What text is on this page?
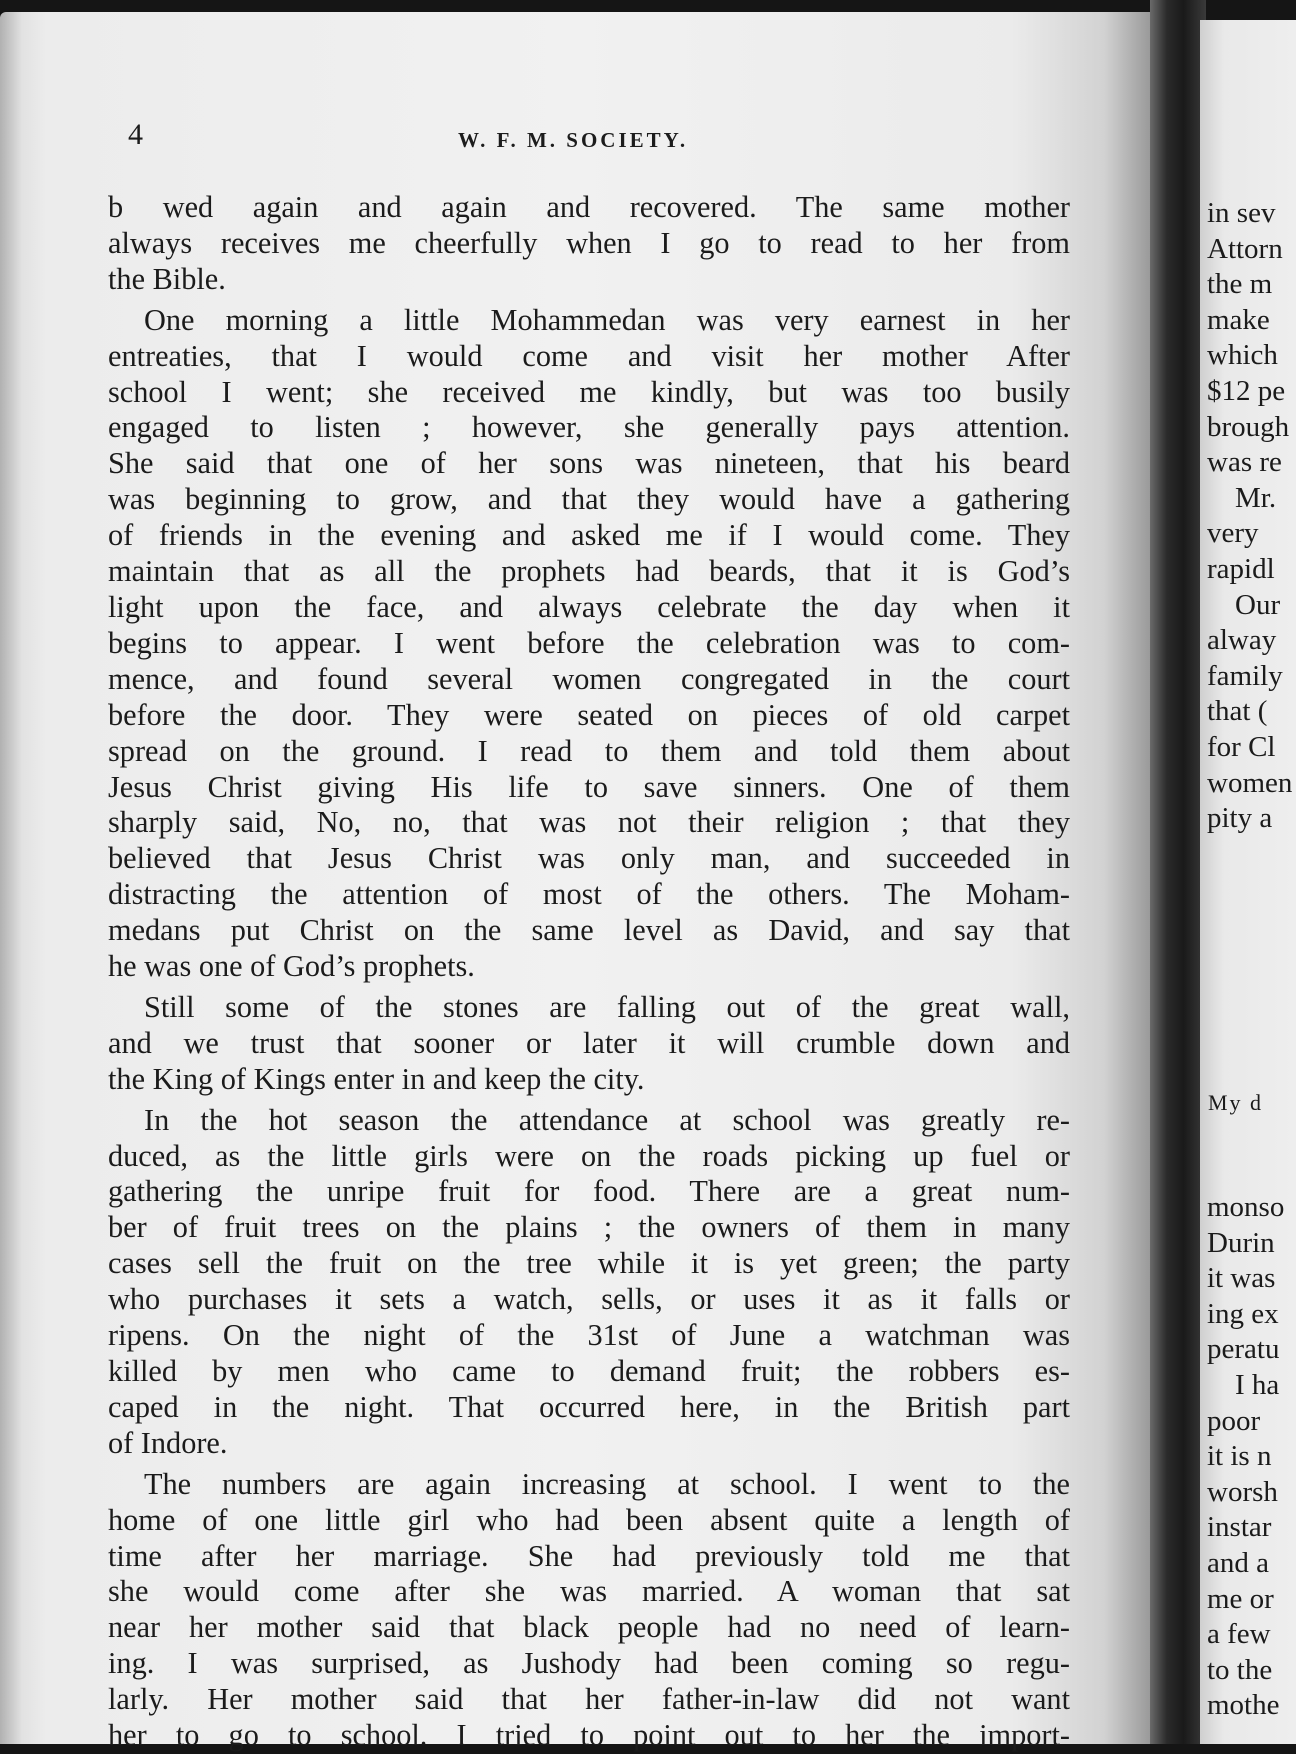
4	W. F. M. SOCIETY.
b wed again and again and recovered. The same mother
always receives me cheerfully when I go to read to her from
the Bible.
One morning a little Mohammedan was very earnest in her
entreaties, that I would come and visit her mother After
school I went; she received me kindly, but was too busily
engaged to listen ; however, she generally pays attention.
She said that one of her sons was nineteen, that his beard
was beginning to grow, and that they would have a gathering
of friends in the evening and asked me if I would come. They
maintain that as all the prophets had beards, that it is God’s
light upon the face, and always celebrate the day when it
begins to appear. I went before the celebration was to com-
mence, and found several women congregated in the court
before the door. They were seated on pieces of old carpet
spread on the ground. I read to them and told them about
Jesus Christ giving His life to save sinners. One of them
sharply said, No, no, that was not their religion ; that they
believed that Jesus Christ was only man, and succeeded in
distracting the attention of most of the others. The Moham-
medans put Christ on the same level as David, and say that
he was one of God’s prophets.
Still some of the stones are falling out of the great wall,
and we trust that sooner or later it will crumble down and
the King of Kings enter in and keep the city.
In the hot season the attendance at school was greatly re-
duced, as the little girls were on the roads picking up fuel or
gathering the unripe fruit for food. There are a great num-
ber of fruit trees on the plains ; the owners of them in many
cases sell the fruit on the tree while it is yet green; the party
who purchases it sets a watch, sells, or uses it as it falls or
ripens. On the night of the 31st of June a watchman was
killed by men who came to demand fruit; the robbers es-
caped in the night. That occurred here, in the British part
of Indore.
The numbers are again increasing at school. I went to the
home of one little girl who had been absent quite a length of
time after her marriage. She had previously told me that
she would come after she was married. A woman that sat
near her mother said that black people had no need of learn-
ing. I was surprised, as Jushody had been coming so regu-
larly. Her mother said that her father-in-law did not want
her to go to school. I tried to point out to her the import-
in sev
Attorn
the m
make
which
$12 pe
brough
was re
Mr.
very
rapidl
Our
alway
family
that (
for Cl
women
pity a
My d
monso
Durin
it was
ing ex
peratu
I ha
poor
it is n
worsh
instar
and a
me or
a few
to the
mothe
